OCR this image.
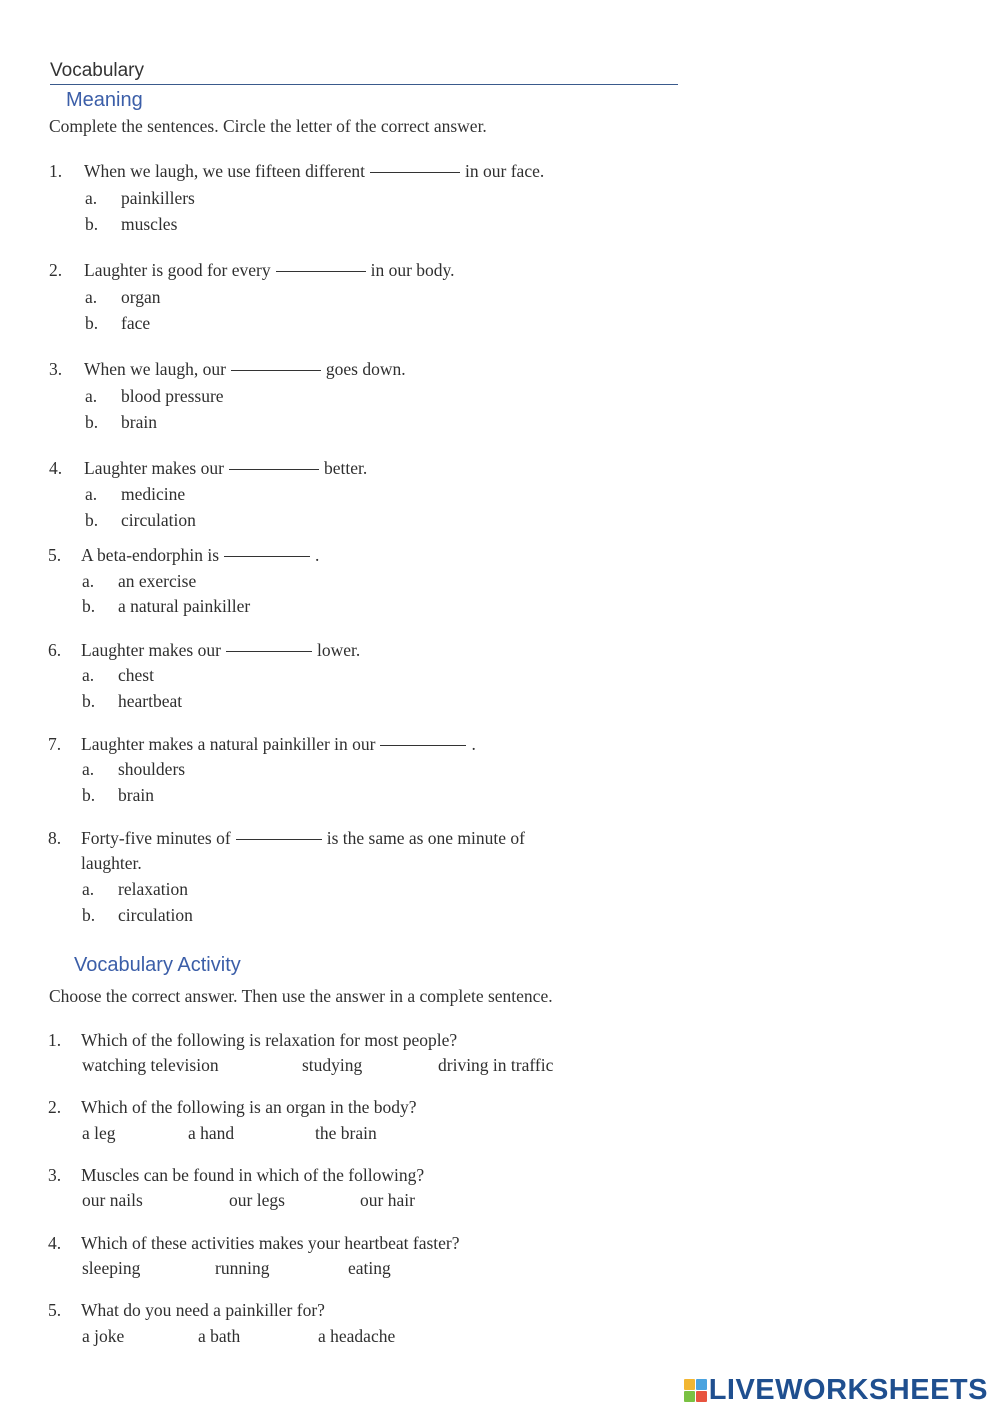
Vocabulary
Meaning
Complete the sentences. Circle the letter of the correct answer.
1. When we laugh, we use fifteen different	in our face.
a. painkillers
b. muscles
2. Laughter is good for every	in our body.
a. organ
b. face
3. When we laugh, our	goes down.
a. blood pressure
b. brain
4. Laughter makes our	better.
a. medicine
b. circulation
5. A beta-endorphin is	.
a. an exercise
b. a natural painkiller
6. Laughter makes our	lower.
a. chest
b. heartbeat
7. Laughter makes a natural painkiller in our	.
a. shoulders
b. brain
8. Forty-five minutes of	is the same as one minute of
laughter.
a. relaxation
b. circulation
Vocabulary Activity
Choose the correct answer. Then use the answer in a complete sentence.
1. Which of the following is relaxation for most people?
watching television	studying	driving in traffic
2. Which of the following is an organ in the body?
a leg	a hand	the brain
3. Muscles can be found in which of the following?
our nails	our legs	our hair
4. Which of these activities makes your heartbeat faster?
sleeping	running	eating
5. What do you need a painkiller for?
a joke	a bath	a headache
LIVEWORKSHEETS
